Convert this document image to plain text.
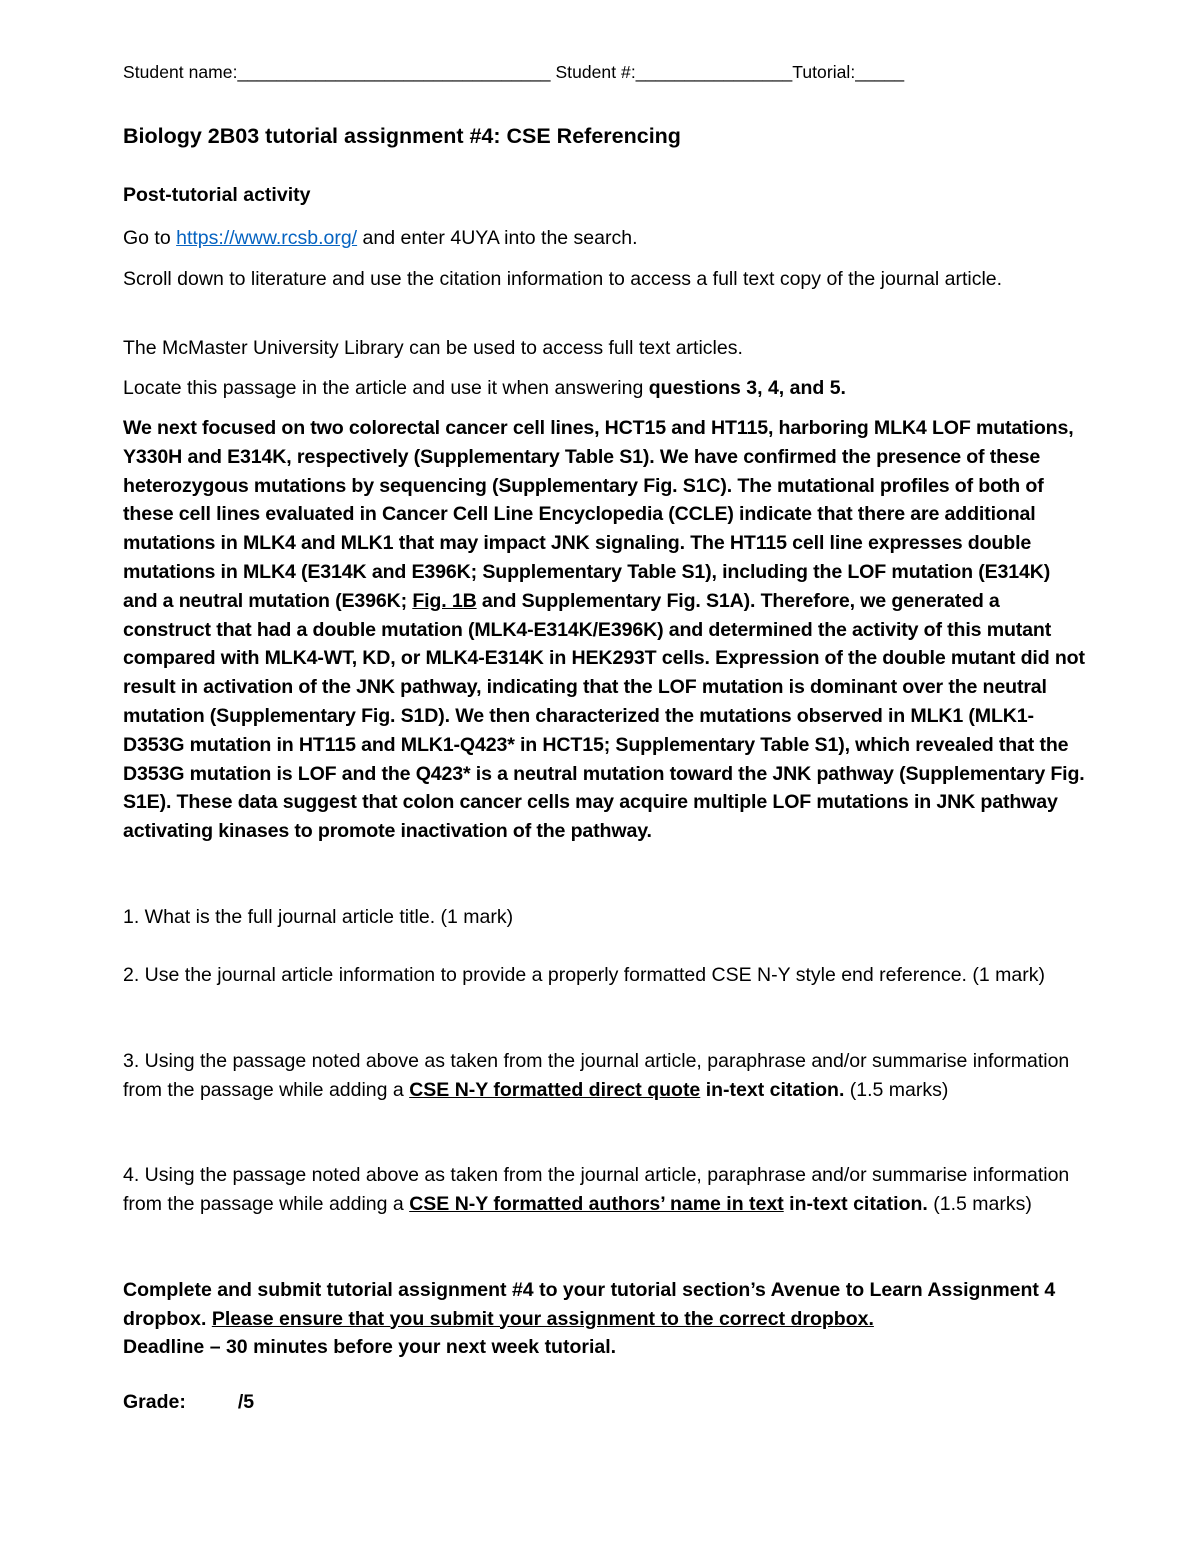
Student name:________________________________ Student #:________________Tutorial:_____
Biology 2B03 tutorial assignment #4: CSE Referencing
Post-tutorial activity
Go to https://www.rcsb.org/ and enter 4UYA into the search.
Scroll down to literature and use the citation information to access a full text copy of the journal article.
The McMaster University Library can be used to access full text articles.
Locate this passage in the article and use it when answering questions 3, 4, and 5.
We next focused on two colorectal cancer cell lines, HCT15 and HT115, harboring MLK4 LOF mutations, Y330H and E314K, respectively (Supplementary Table S1). We have confirmed the presence of these heterozygous mutations by sequencing (Supplementary Fig. S1C). The mutational profiles of both of these cell lines evaluated in Cancer Cell Line Encyclopedia (CCLE) indicate that there are additional mutations in MLK4 and MLK1 that may impact JNK signaling. The HT115 cell line expresses double mutations in MLK4 (E314K and E396K; Supplementary Table S1), including the LOF mutation (E314K) and a neutral mutation (E396K; Fig. 1B and Supplementary Fig. S1A). Therefore, we generated a construct that had a double mutation (MLK4-E314K/E396K) and determined the activity of this mutant compared with MLK4-WT, KD, or MLK4-E314K in HEK293T cells. Expression of the double mutant did not result in activation of the JNK pathway, indicating that the LOF mutation is dominant over the neutral mutation (Supplementary Fig. S1D). We then characterized the mutations observed in MLK1 (MLK1-D353G mutation in HT115 and MLK1-Q423* in HCT15; Supplementary Table S1), which revealed that the D353G mutation is LOF and the Q423* is a neutral mutation toward the JNK pathway (Supplementary Fig. S1E). These data suggest that colon cancer cells may acquire multiple LOF mutations in JNK pathway activating kinases to promote inactivation of the pathway.
1. What is the full journal article title. (1 mark)
2. Use the journal article information to provide a properly formatted CSE N-Y style end reference. (1 mark)
3. Using the passage noted above as taken from the journal article, paraphrase and/or summarise information from the passage while adding a CSE N-Y formatted direct quote in-text citation. (1.5 marks)
4. Using the passage noted above as taken from the journal article, paraphrase and/or summarise information from the passage while adding a CSE N-Y formatted authors’ name in text in-text citation. (1.5 marks)
Complete and submit tutorial assignment #4 to your tutorial section’s Avenue to Learn Assignment 4 dropbox. Please ensure that you submit your assignment to the correct dropbox.
Deadline – 30 minutes before your next week tutorial.
Grade:	/5
